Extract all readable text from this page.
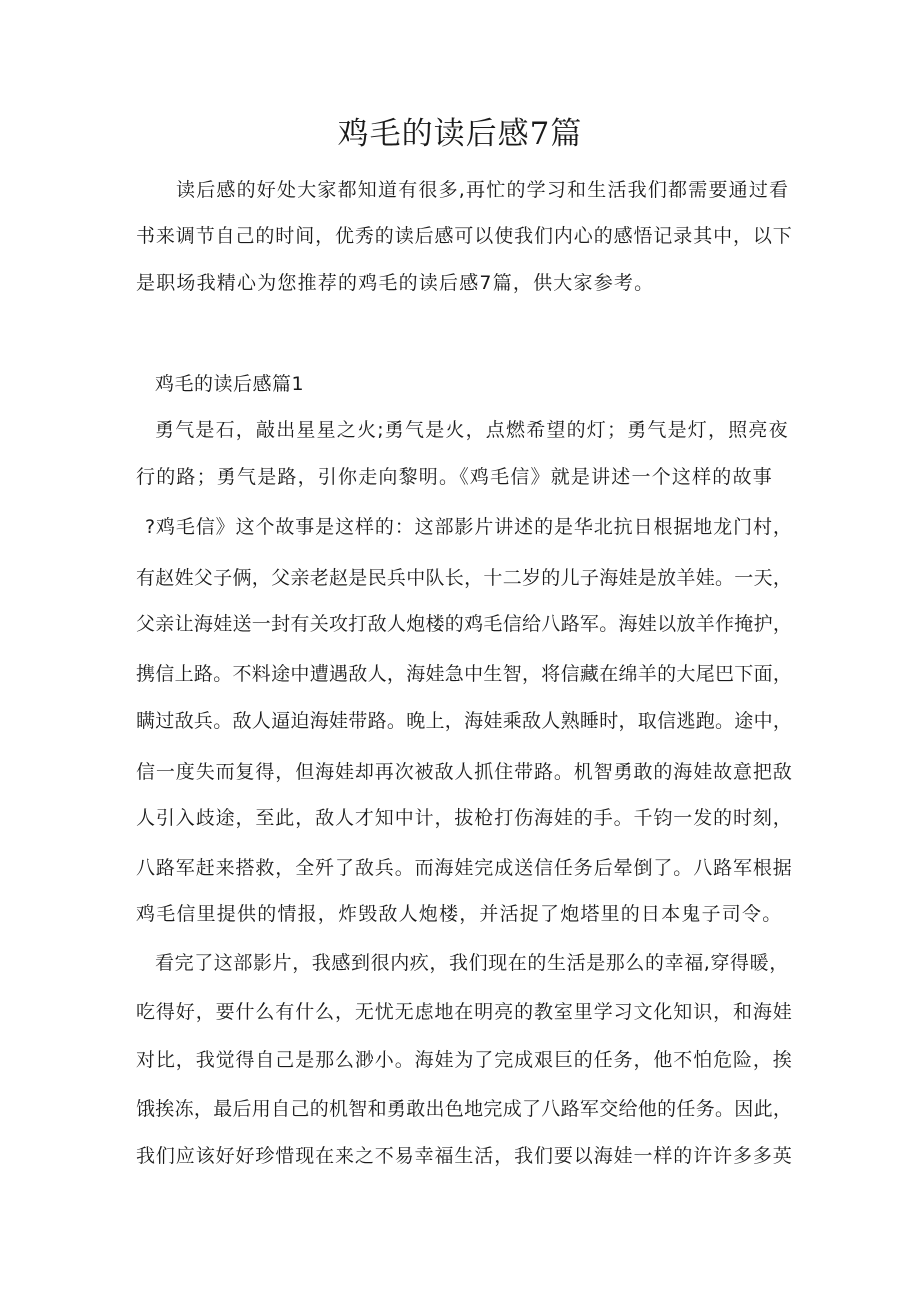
鸡毛的读后感7篇
读后感的好处大家都知道有很多,再忙的学习和生活我们都需要通过看
书来调节自己的时间，优秀的读后感可以使我们内心的感悟记录其中，以下
是职场我精心为您推荐的鸡毛的读后感7篇，供大家参考。
鸡毛的读后感篇1
勇气是石，敲出星星之火;勇气是火，点燃希望的灯；勇气是灯，照亮夜
行的路；勇气是路，引你走向黎明。《鸡毛信》就是讲述一个这样的故事
?鸡毛信》这个故事是这样的：这部影片讲述的是华北抗日根据地龙门村，
有赵姓父子俩，父亲老赵是民兵中队长，十二岁的儿子海娃是放羊娃。一天，
父亲让海娃送一封有关攻打敌人炮楼的鸡毛信给八路军。海娃以放羊作掩护，
携信上路。不料途中遭遇敌人，海娃急中生智，将信藏在绵羊的大尾巴下面，
瞒过敌兵。敌人逼迫海娃带路。晚上，海娃乘敌人熟睡时，取信逃跑。途中，
信一度失而复得，但海娃却再次被敌人抓住带路。机智勇敢的海娃故意把敌
人引入歧途，至此，敌人才知中计，拔枪打伤海娃的手。千钧一发的时刻，
八路军赶来搭救，全歼了敌兵。而海娃完成送信任务后晕倒了。八路军根据
鸡毛信里提供的情报，炸毁敌人炮楼，并活捉了炮塔里的日本鬼子司令。
看完了这部影片，我感到很内疚，我们现在的生活是那么的幸福,穿得暖，
吃得好，要什么有什么，无忧无虑地在明亮的教室里学习文化知识，和海娃
对比，我觉得自己是那么渺小。海娃为了完成艰巨的任务，他不怕危险，挨
饿挨冻，最后用自己的机智和勇敢出色地完成了八路军交给他的任务。因此，
我们应该好好珍惜现在来之不易幸福生活，我们要以海娃一样的许许多多英
